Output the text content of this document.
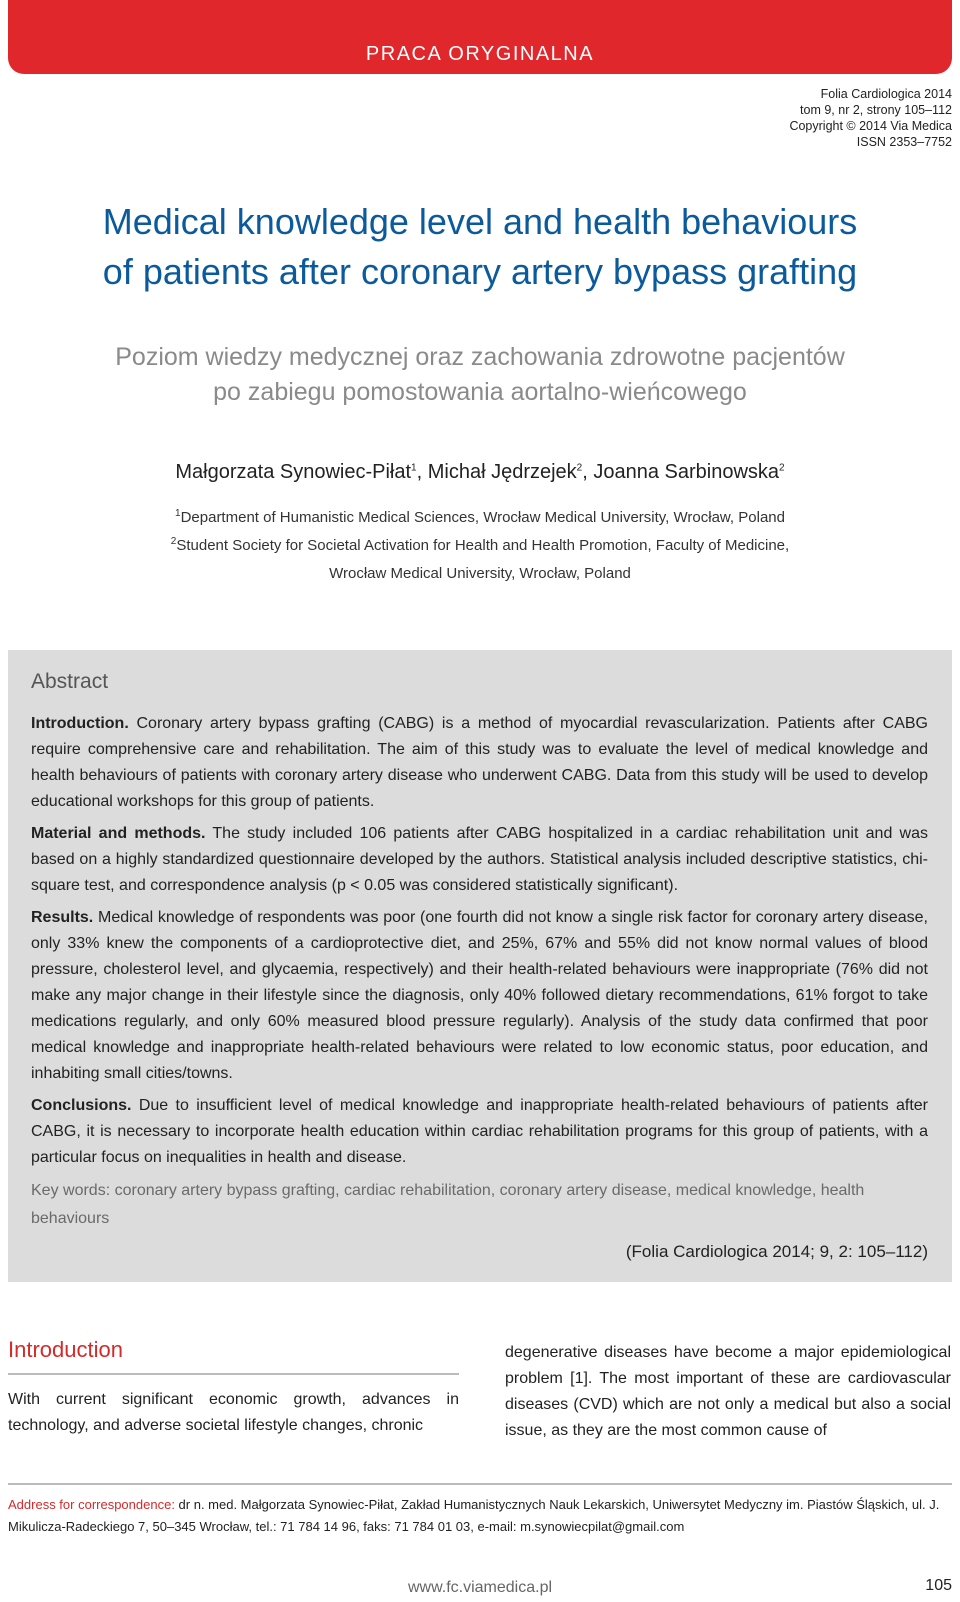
PRACA ORYGINALNA
Folia Cardiologica 2014
tom 9, nr 2, strony 105–112
Copyright © 2014 Via Medica
ISSN 2353–7752
Medical knowledge level and health behaviours
of patients after coronary artery bypass grafting
Poziom wiedzy medycznej oraz zachowania zdrowotne pacjentów
po zabiegu pomostowania aortalno-wieńcowego
Małgorzata Synowiec-Piłat$^1$, Michał Jędrzejek$^2$, Joanna Sarbinowska$^2$
$^1$Department of Humanistic Medical Sciences, Wrocław Medical University, Wrocław, Poland
$^2$Student Society for Societal Activation for Health and Health Promotion, Faculty of Medicine,
Wrocław Medical University, Wrocław, Poland
Abstract

Introduction. Coronary artery bypass grafting (CABG) is a method of myocardial revascularization. Patients after CABG require comprehensive care and rehabilitation. The aim of this study was to evaluate the level of medical knowledge and health behaviours of patients with coronary artery disease who underwent CABG. Data from this study will be used to develop educational workshops for this group of patients.

Material and methods. The study included 106 patients after CABG hospitalized in a cardiac rehabilitation unit and was based on a highly standardized questionnaire developed by the authors. Statistical analysis included descriptive statistics, chi-square test, and correspondence analysis (p < 0.05 was considered statistically significant).

Results. Medical knowledge of respondents was poor (one fourth did not know a single risk factor for coronary artery disease, only 33% knew the components of a cardioprotective diet, and 25%, 67% and 55% did not know normal values of blood pressure, cholesterol level, and glycaemia, respectively) and their health-related behaviours were inappropriate (76% did not make any major change in their lifestyle since the diagnosis, only 40% followed dietary recommendations, 61% forgot to take medications regularly, and only 60% measured blood pressure regularly). Analysis of the study data confirmed that poor medical knowledge and inappropriate health-related behaviours were related to low economic status, poor education, and inhabiting small cities/towns.

Conclusions. Due to insufficient level of medical knowledge and inappropriate health-related behaviours of patients after CABG, it is necessary to incorporate health education within cardiac rehabilitation programs for this group of patients, with a particular focus on inequalities in health and disease.

Key words: coronary artery bypass grafting, cardiac rehabilitation, coronary artery disease, medical knowledge, health behaviours

(Folia Cardiologica 2014; 9, 2: 105–112)
Introduction

With current significant economic growth, advances in technology, and adverse societal lifestyle changes, chronic

degenerative diseases have become a major epidemiological problem [1]. The most important of these are cardiovascular diseases (CVD) which are not only a medical but also a social issue, as they are the most common cause of

Address for correspondence: dr n. med. Małgorzata Synowiec-Piłat, Zakład Humanistycznych Nauk Lekarskich, Uniwersytet Medyczny im. Piastów Śląskich, ul. J. Mikulicza-Radeckiego 7, 50–345 Wrocław, tel.: 71 784 14 96, faks: 71 784 01 03, e-mail: m.synowiecpilat@gmail.com
www.fc.viamedica.pl	105
